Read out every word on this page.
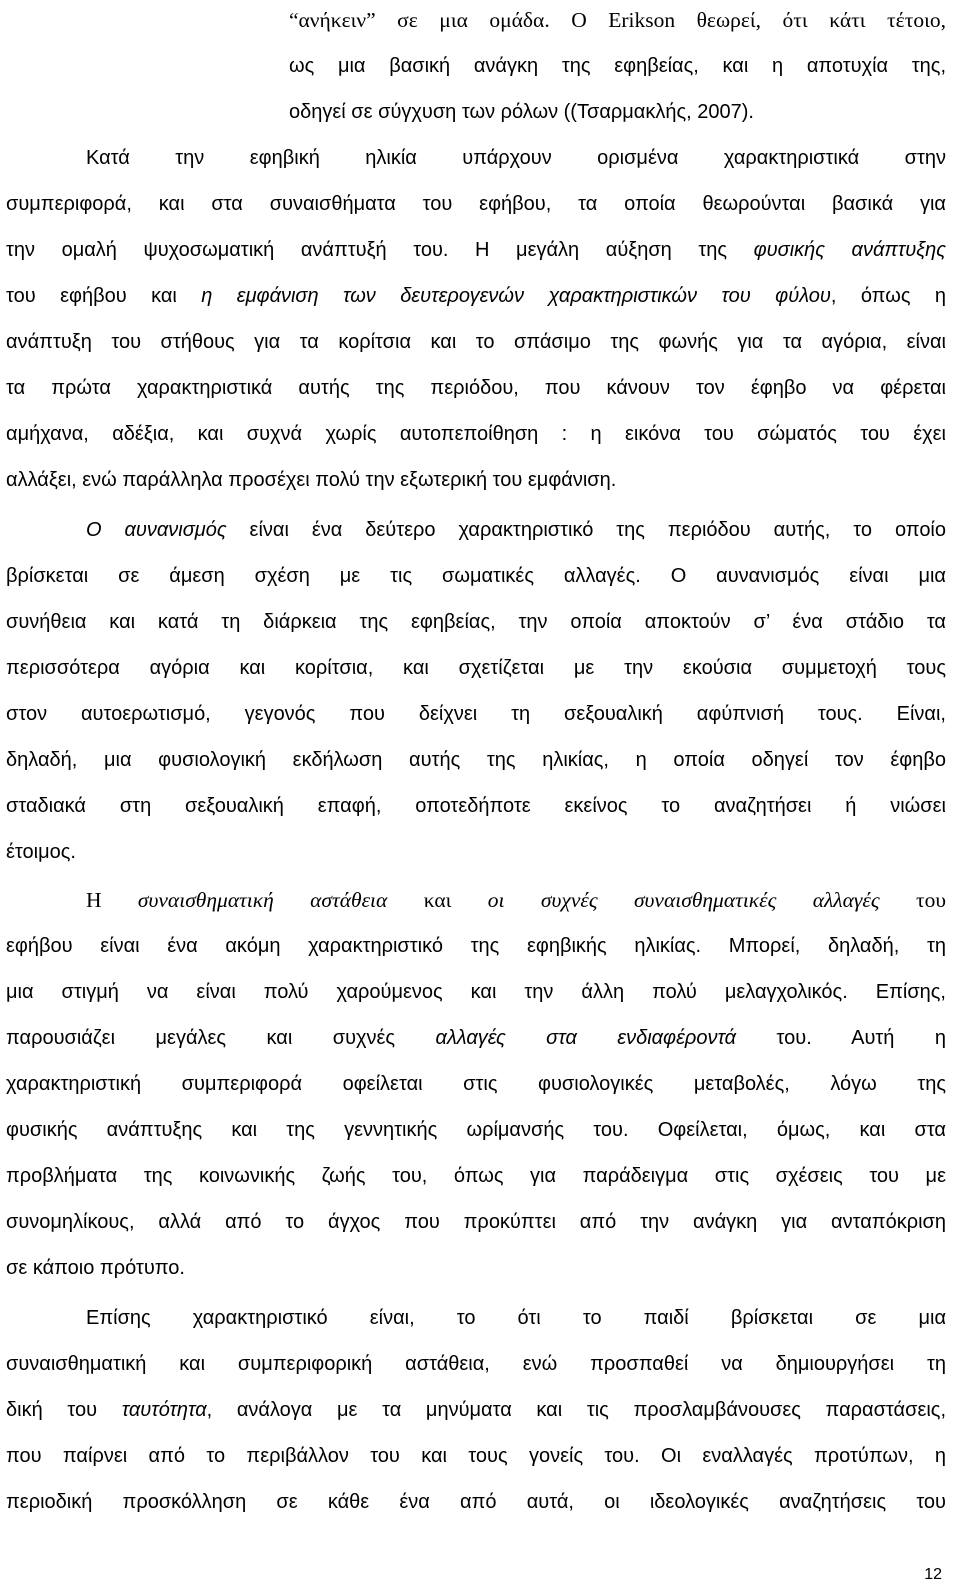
“ανήκειν” σε μια ομάδα. Ο Erikson θεωρεί, ότι κάτι τέτοιο,
ως μια βασική ανάγκη της εφηβείας, και η αποτυχία της,
οδηγεί σε σύγχυση των ρόλων ((Τσαρμακλής, 2007).
Κατά την εφηβική ηλικία υπάρχουν ορισμένα χαρακτηριστικά στην
συμπεριφορά, και στα συναισθήματα του εφήβου, τα οποία θεωρούνται βασικά για
την ομαλή ψυχοσωματική ανάπτυξή του. Η μεγάλη αύξηση της φυσικής ανάπτυξης
του εφήβου και η εμφάνιση των δευτερογενών χαρακτηριστικών του φύλου, όπως η
ανάπτυξη του στήθους για τα κορίτσια και το σπάσιμο της φωνής για τα αγόρια, είναι
τα πρώτα χαρακτηριστικά αυτής της περιόδου, που κάνουν τον έφηβο να φέρεται
αμήχανα, αδέξια, και συχνά χωρίς αυτοπεποίθηση : η εικόνα του σώματός του έχει
αλλάξει, ενώ παράλληλα προσέχει πολύ την εξωτερική του εμφάνιση.
Ο αυνανισμός είναι ένα δεύτερο χαρακτηριστικό της περιόδου αυτής, το οποίο
βρίσκεται σε άμεση σχέση με τις σωματικές αλλαγές. Ο αυνανισμός είναι μια
συνήθεια και κατά τη διάρκεια της εφηβείας, την οποία αποκτούν σ’ ένα στάδιο τα
περισσότερα αγόρια και κορίτσια, και σχετίζεται με την εκούσια συμμετοχή τους
στον αυτοερωτισμό, γεγονός που δείχνει τη σεξουαλική αφύπνισή τους. Είναι,
δηλαδή, μια φυσιολογική εκδήλωση αυτής της ηλικίας, η οποία οδηγεί τον έφηβο
σταδιακά στη σεξουαλική επαφή, οποτεδήποτε εκείνος το αναζητήσει ή νιώσει
έτοιμος.
Η συναισθηματική αστάθεια και οι συχνές συναισθηματικές αλλαγές του
εφήβου είναι ένα ακόμη χαρακτηριστικό της εφηβικής ηλικίας. Μπορεί, δηλαδή, τη
μια στιγμή να είναι πολύ χαρούμενος και την άλλη πολύ μελαγχολικός. Επίσης,
παρουσιάζει μεγάλες και συχνές αλλαγές στα ενδιαφέροντά του. Αυτή η
χαρακτηριστική συμπεριφορά οφείλεται στις φυσιολογικές μεταβολές, λόγω της
φυσικής ανάπτυξης και της γεννητικής ωρίμανσής του. Οφείλεται, όμως, και στα
προβλήματα της κοινωνικής ζωής του, όπως για παράδειγμα στις σχέσεις του με
συνομηλίκους, αλλά από το άγχος που προκύπτει από την ανάγκη για ανταπόκριση
σε κάποιο πρότυπο.
Επίσης χαρακτηριστικό είναι, το ότι το παιδί βρίσκεται σε μια
συναισθηματική και συμπεριφορική αστάθεια, ενώ προσπαθεί να δημιουργήσει τη
δική του ταυτότητα, ανάλογα με τα μηνύματα και τις προσλαμβάνουσες παραστάσεις,
που παίρνει από το περιβάλλον του και τους γονείς του. Οι εναλλαγές προτύπων, η
περιοδική προσκόλληση σε κάθε ένα από αυτά, οι ιδεολογικές αναζητήσεις του
12
